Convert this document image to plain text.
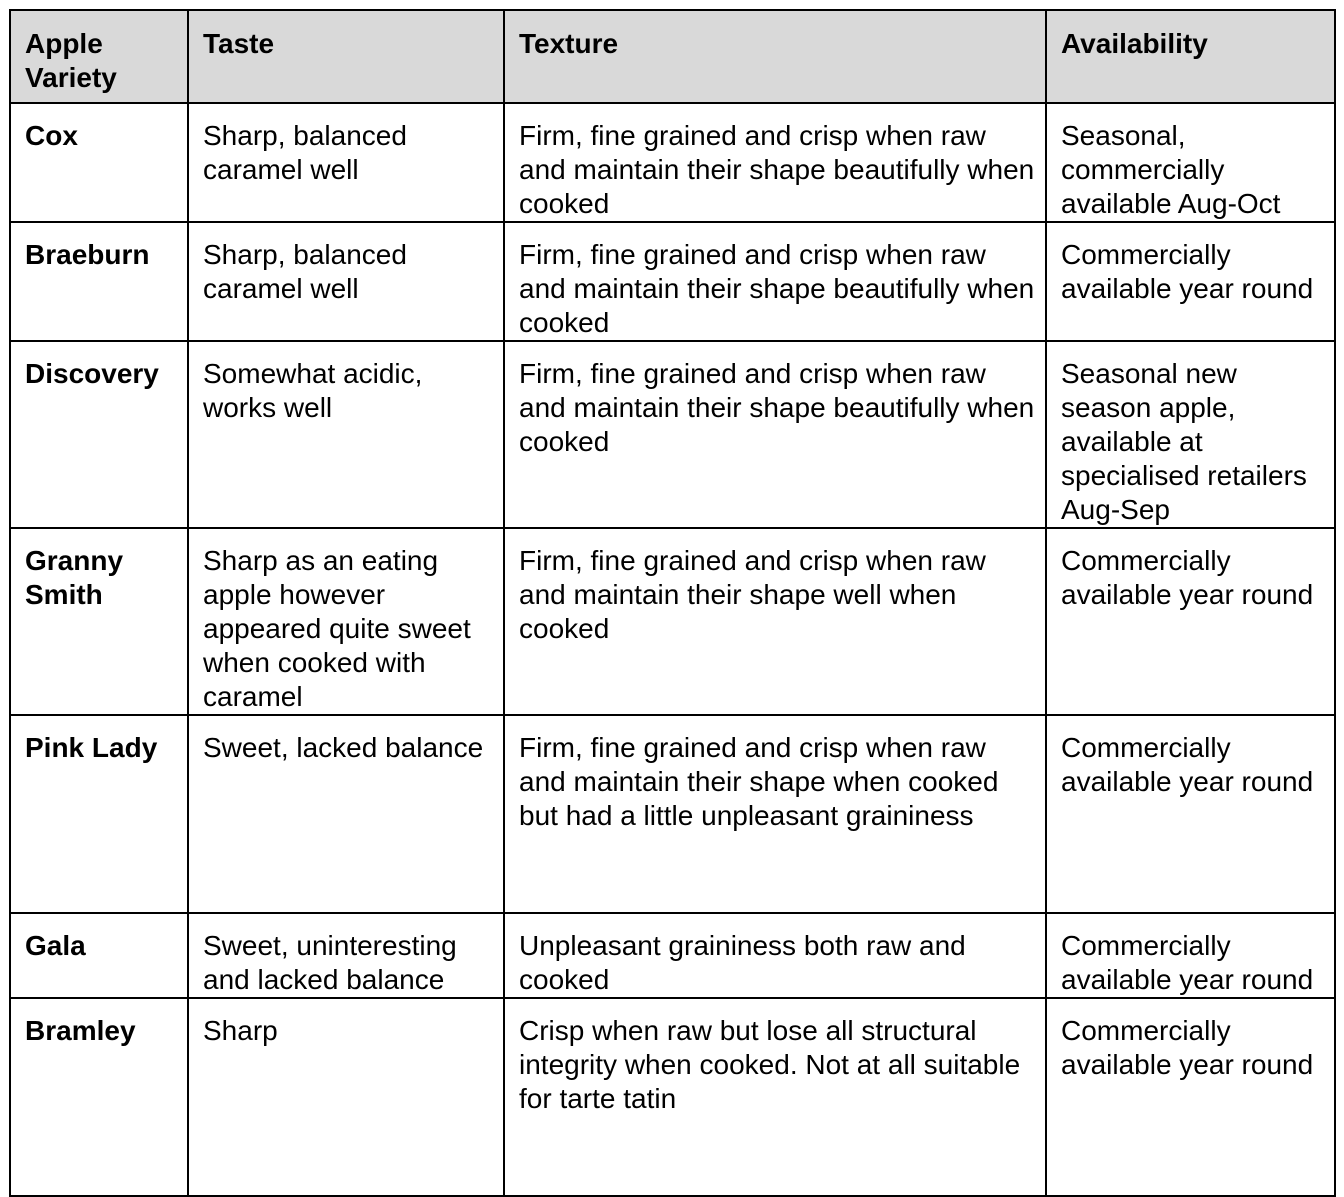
Apple Variety	Taste	Texture	Availability
Cox	Sharp, balanced caramel well	Firm, fine grained and crisp when raw and maintain their shape beautifully when cooked	Seasonal, commercially available Aug-Oct
Braeburn	Sharp, balanced caramel well	Firm, fine grained and crisp when raw and maintain their shape beautifully when cooked	Commercially available year round
Discovery	Somewhat acidic, works well	Firm, fine grained and crisp when raw and maintain their shape beautifully when cooked	Seasonal new season apple, available at specialised retailers Aug-Sep
Granny Smith	Sharp as an eating apple however appeared quite sweet when cooked with caramel	Firm, fine grained and crisp when raw and maintain their shape well when cooked	Commercially available year round
Pink Lady	Sweet, lacked balance	Firm, fine grained and crisp when raw and maintain their shape when cooked but had a little unpleasant graininess	Commercially available year round
Gala	Sweet, uninteresting and lacked balance	Unpleasant graininess both raw and cooked	Commercially available year round
Bramley	Sharp	Crisp when raw but lose all structural integrity when cooked. Not at all suitable for tarte tatin	Commercially available year round
